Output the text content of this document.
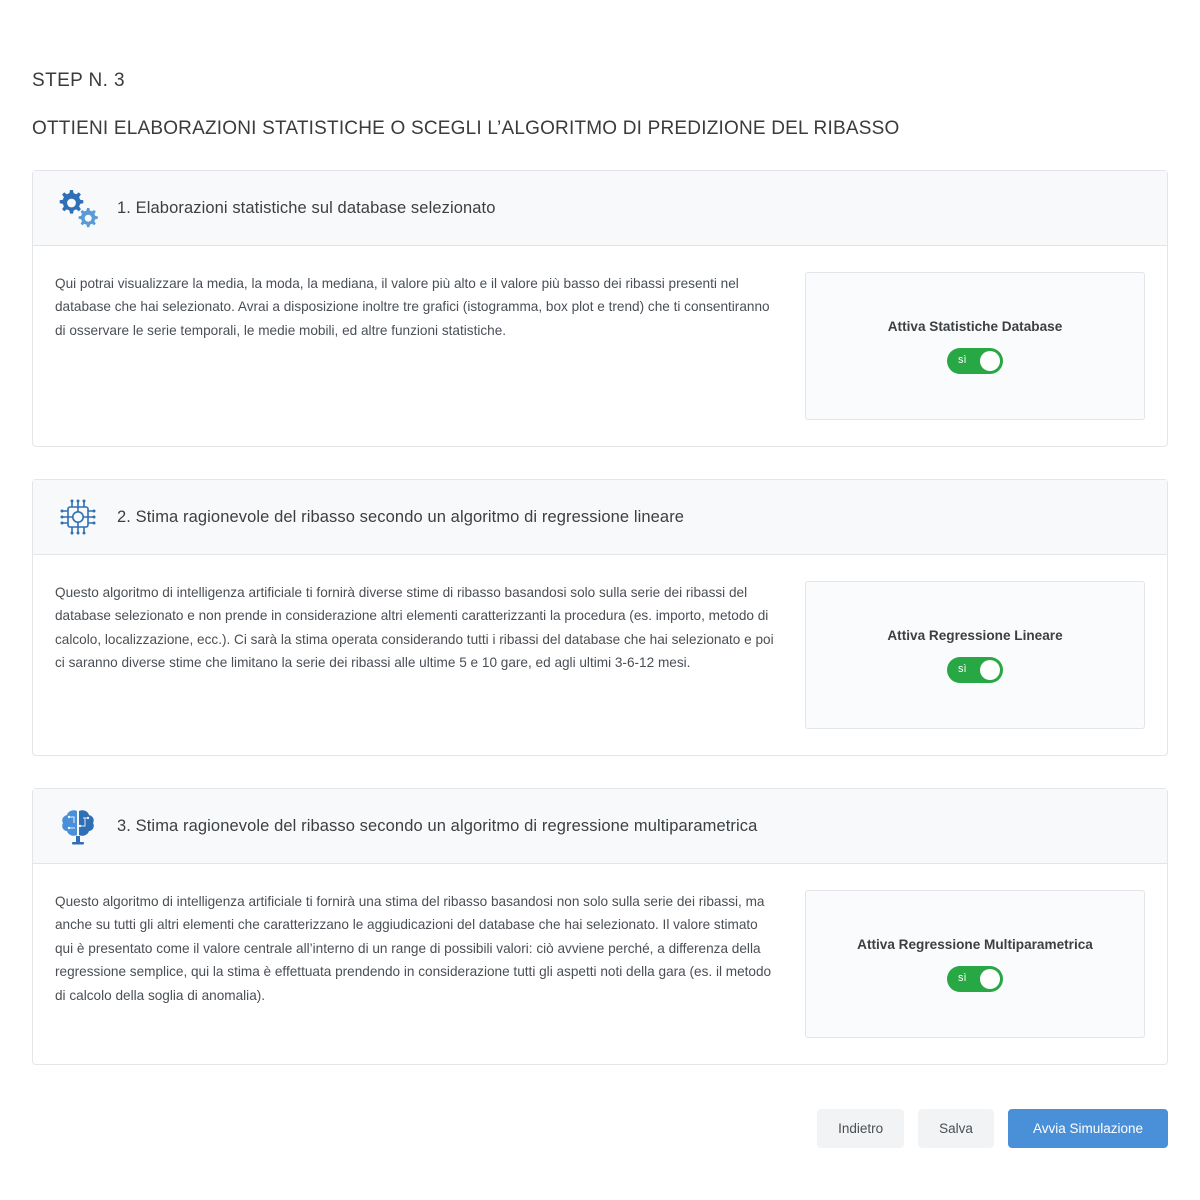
STEP N. 3
OTTIENI ELABORAZIONI STATISTICHE O SCEGLI L’ALGORITMO DI PREDIZIONE DEL RIBASSO
1. Elaborazioni statistiche sul database selezionato
Qui potrai visualizzare la media, la moda, la mediana, il valore più alto e il valore più basso dei ribassi presenti nel database che hai selezionato. Avrai a disposizione inoltre tre grafici (istogramma, box plot e trend) che ti consentiranno di osservare le serie temporali, le medie mobili, ed altre funzioni statistiche.	Attiva Statistiche Database
sì
2. Stima ragionevole del ribasso secondo un algoritmo di regressione lineare
Questo algoritmo di intelligenza artificiale ti fornirà diverse stime di ribasso basandosi solo sulla serie dei ribassi del database selezionato e non prende in considerazione altri elementi caratterizzanti la procedura (es. importo, metodo di calcolo, localizzazione, ecc.). Ci sarà la stima operata considerando tutti i ribassi del database che hai selezionato e poi ci saranno diverse stime che limitano la serie dei ribassi alle ultime 5 e 10 gare, ed agli ultimi 3-6-12 mesi.
Attiva Regressione Lineare
sì
3. Stima ragionevole del ribasso secondo un algoritmo di regressione multiparametrica
Questo algoritmo di intelligenza artificiale ti fornirà una stima del ribasso basandosi non solo sulla serie dei ribassi, ma anche su tutti gli altri elementi che caratterizzano le aggiudicazioni del database che hai selezionato. Il valore stimato qui è presentato come il valore centrale all’interno di un range di possibili valori: ciò avviene perché, a differenza della regressione semplice, qui la stima è effettuata prendendo in considerazione tutti gli aspetti noti della gara (es. il metodo di calcolo della soglia di anomalia).
Attiva Regressione Multiparametrica
sì
Indietro	Salva	Avvia Simulazione
